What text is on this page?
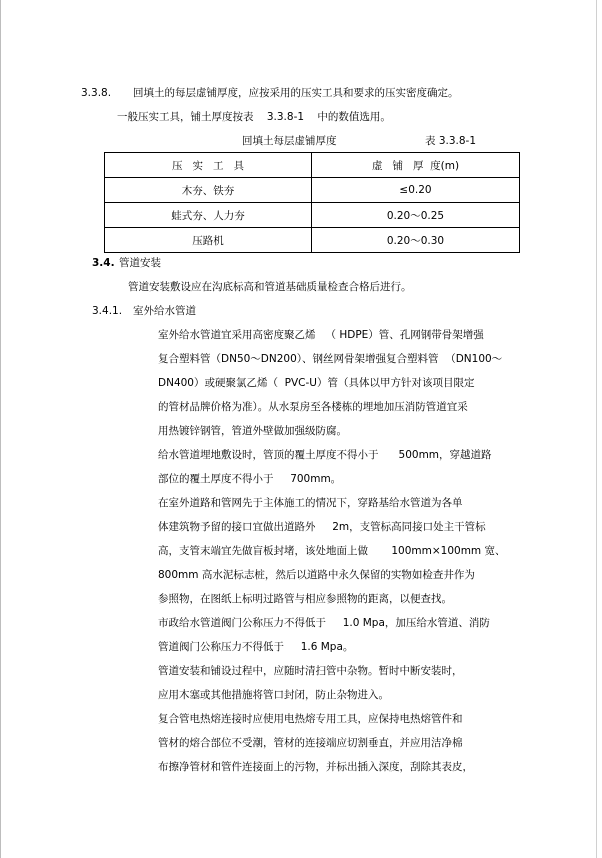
3.3.8. 回填土的每层虚铺厚度，应按采用的压实工具和要求的压实密度确定。
一般压实工具，铺土厚度按表    3.3.8-1    中的数值选用。
回填土每层虚铺厚度	表 3.3.8-1
压   实   工   具	虚   铺   厚  度(m)
木夯、铁夯	≤0.20
蛙式夯、人力夯	0.20～0.25
压路机	0.20～0.30
3.4. 管道安装
管道安装敷设应在沟底标高和管道基础质量检查合格后进行。
3.4.1. 室外给水管道
室外给水管道宜采用高密度聚乙烯   （ HDPE）管、孔网钢带骨架增强
复合塑料管（DN50～DN200）、钢丝网骨架增强复合塑料管  （DN100～
DN400）或硬聚氯乙烯（  PVC-U）管（具体以甲方针对该项目限定
的管材品牌价格为准）。从水泵房至各楼栋的埋地加压消防管道宜采
用热镀锌钢管，管道外壁做加强级防腐。
给水管道埋地敷设时，管顶的覆土厚度不得小于      500mm，穿越道路
部位的覆土厚度不得小于     700mm。
在室外道路和管网先于主体施工的情况下，穿路基给水管道为各单
体建筑物予留的接口宜做出道路外     2m，支管标高同接口处主干管标
高，支管末端宜先做盲板封堵，该处地面上做       100mm×100mm 宽、
800mm 高水泥标志桩，然后以道路中永久保留的实物如检查井作为
参照物，在图纸上标明过路管与相应参照物的距离，以便查找。
市政给水管道阀门公称压力不得低于     1.0 Mpa，加压给水管道、消防
管道阀门公称压力不得低于     1.6 Mpa。
管道安装和铺设过程中，应随时清扫管中杂物。暂时中断安装时，
应用木塞或其他措施将管口封闭，防止杂物进入。
复合管电热熔连接时应使用电热熔专用工具，应保持电热熔管件和
管材的熔合部位不受潮，管材的连接端应切割垂直，并应用洁净棉
布擦净管材和管件连接面上的污物，并标出插入深度，刮除其表皮，
